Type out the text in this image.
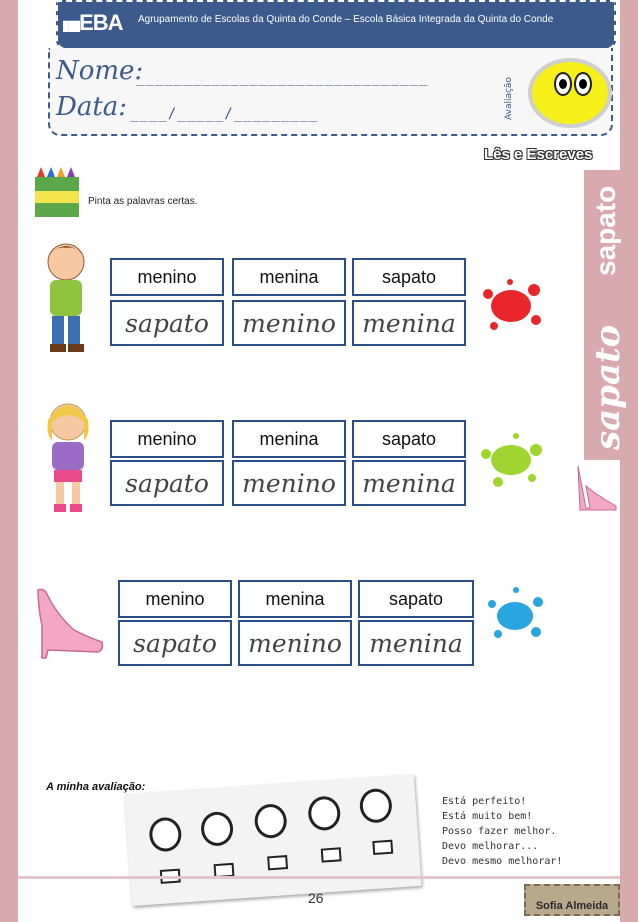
▮▮▮EBA	Agrupamento de Escolas da Quinta do Conde – Escola Básica Integrada da Quinta do Conde
Nome:
_______________________________
Data: ____/_____/_________	Avaliação
Lês e Escreves
sapato
sapato
Pinta as palavras certas.
menino	menina	sapato
sapato	menino	menina
menino	menina	sapato
sapato	menino	menina
menino	menina	sapato
sapato	menino	menina
A minha avaliação:
Está perfeito!
Está muito bem!
Posso fazer melhor.
Devo melhorar...
Devo mesmo melhorar!
26	Sofia Almeida
